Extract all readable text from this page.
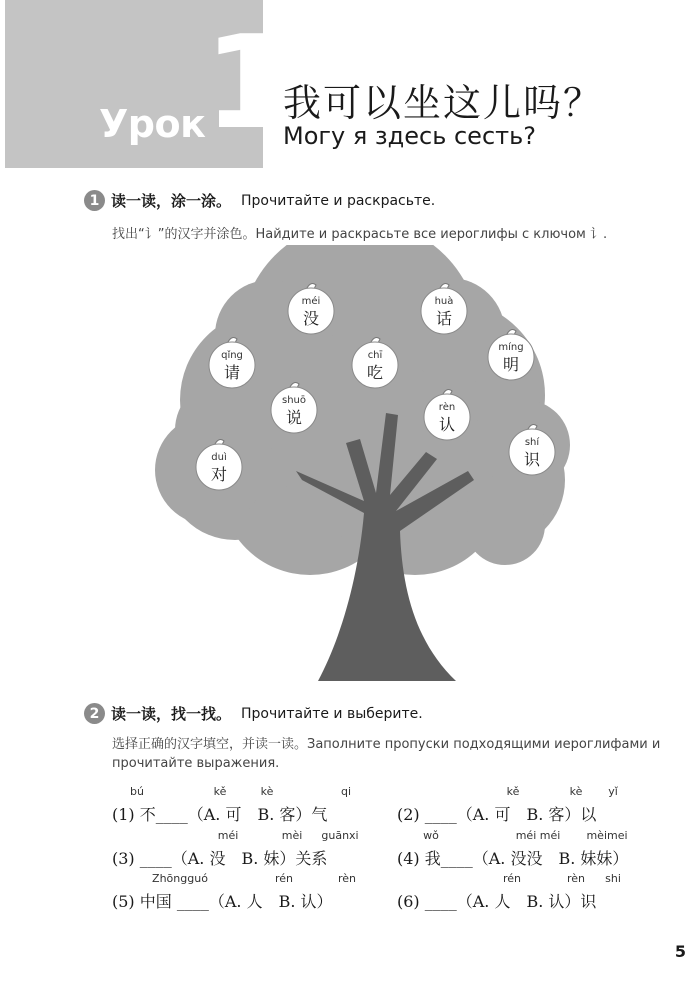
Урок
1
我可以坐这儿吗？
Могу я здесь сесть?
1 读一读，涂一涂。 Прочитайте и раскрасьте.
找出“讠”的汉字并涂色。Найдите и раскрасьте все иероглифы с ключом 讠.
méi
没
huà
话
qǐng
请
chī
吃
míng
明
shuō
说
rèn
认
shí
识
duì
对
2 读一读，找一找。 Прочитайте и выберите.
选择正确的汉字填空，并读一读。Заполните пропуски подходящими иероглифами и прочитайте выражения.
(1) 不____（A. 可　B. 客）气
bú	kě	kè	qi
(2) ____（A. 可　B. 客）以
kě	kè yǐ
(3) ____（A. 没　B. 妹）关系
méi	mèi guānxi
(4) 我____（A. 没没　B. 妹妹）
wǒ	méi méi mèimei
(5) 中国 ____（A. 人　B. 认）
Zhōngguó	rén	rèn
(6) ____（A. 人　B. 认）识
rén	rèn shi
5
